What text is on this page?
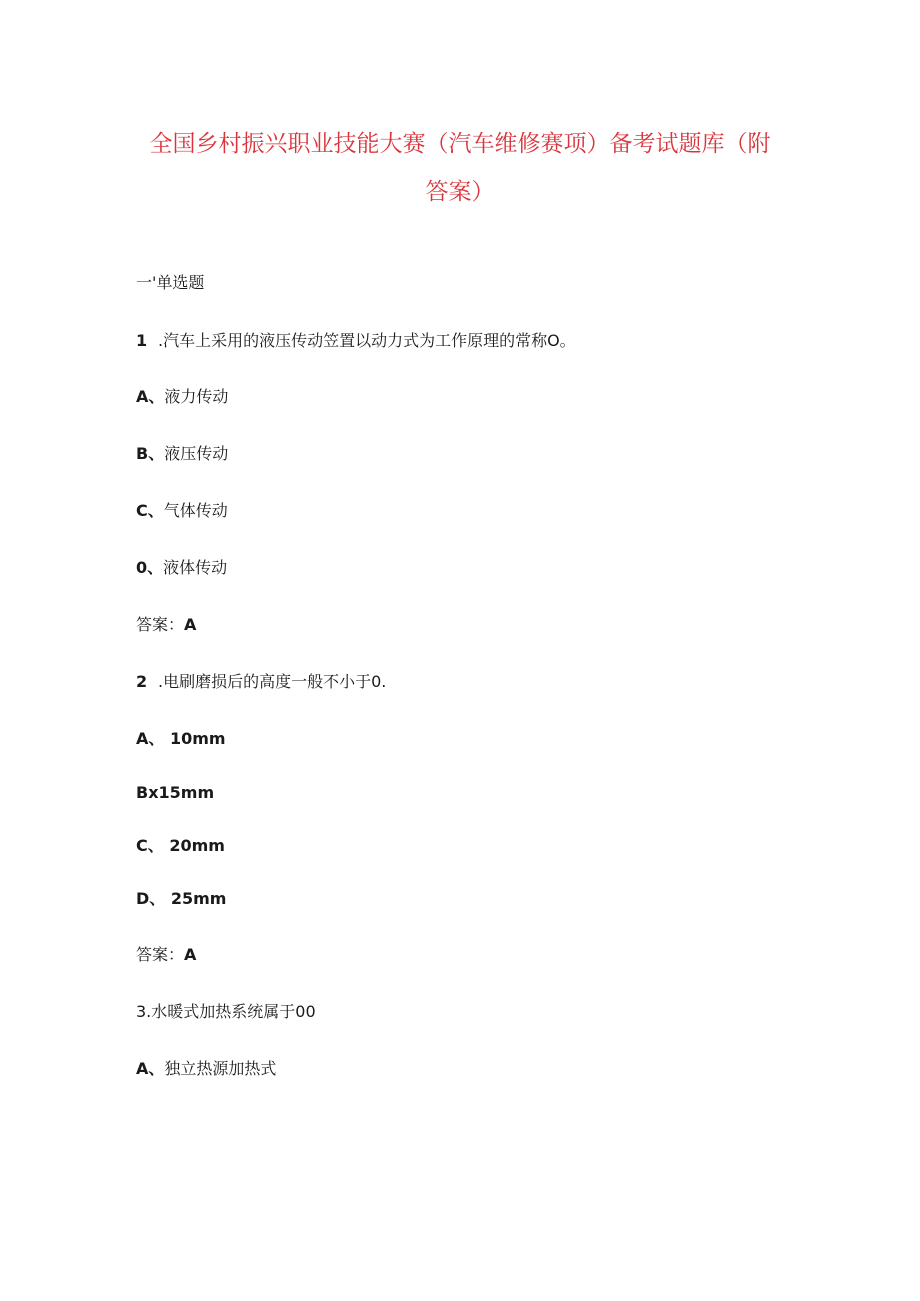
全国乡村振兴职业技能大赛（汽车维修赛项）备考试题库（附
答案）
一'单选题
1 .汽车上采用的液压传动笠置以动力式为工作原理的常称O。
A、液力传动
B、液压传动
C、气体传动
0、液体传动
答案：A
2 .电刷磨损后的高度一般不小于0.
A、 10mm
Bx15mm
C、 20mm
D、 25mm
答案：A
3.水暖式加热系统属于00
A、独立热源加热式
